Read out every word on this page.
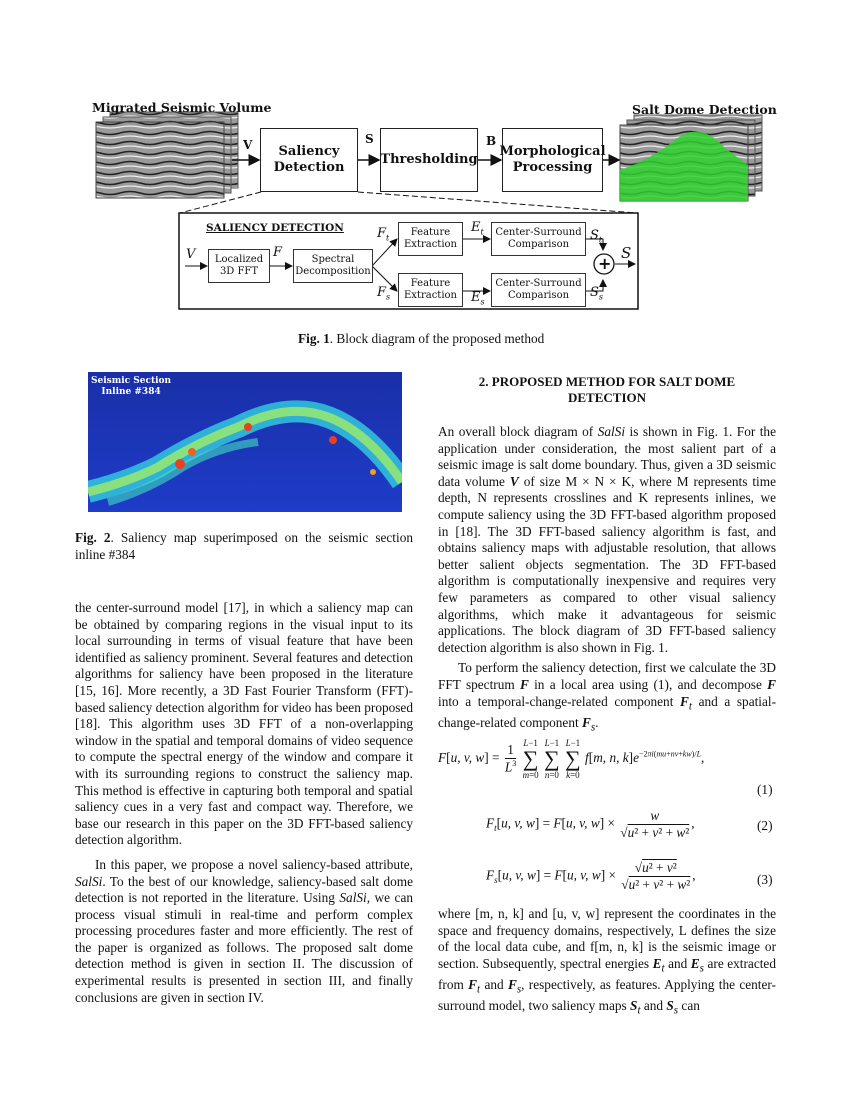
Migrated Seismic Volume	Salt Dome Detection
Saliency
Detection
Thresholding
Morphological
Processing
V	S	B
SALIENCY DETECTION
Localized
3D FFT
Spectral
Decomposition
Feature
Extraction
Feature
Extraction
Center-Surround
Comparison
Center-Surround
Comparison
V	F
$F_t$
$F_s$
$E_t$
$E_s$
$S_t$
$S_s$
S
+
Fig. 1. Block diagram of the proposed method
Seismic Section
Inline #384
Fig. 2. Saliency map superimposed on the seismic section inline #384

the center-surround model [17], in which a saliency map can be obtained by comparing regions in the visual input to its local surrounding in terms of visual feature that have been identified as saliency prominent. Several features and detection algorithms for saliency have been proposed in the literature [15, 16]. More recently, a 3D Fast Fourier Transform (FFT)-based saliency detection algorithm for video has been proposed [18]. This algorithm uses 3D FFT of a non-overlapping window in the spatial and temporal domains of video sequence to compute the spectral energy of the window and compare it with its surrounding regions to construct the saliency map. This method is effective in capturing both temporal and spatial saliency cues in a very fast and compact way. Therefore, we base our research in this paper on the 3D FFT-based saliency detection algorithm.

In this paper, we propose a novel saliency-based attribute, SalSi. To the best of our knowledge, saliency-based salt dome detection is not reported in the literature. Using SalSi, we can process visual stimuli in real-time and perform complex processing procedures faster and more efficiently. The rest of the paper is organized as follows. The proposed salt dome detection method is given in section II. The discussion of experimental results is presented in section III, and finally conclusions are given in section IV.

2. PROPOSED METHOD FOR SALT DOME
DETECTION

An overall block diagram of SalSi is shown in Fig. 1. For the application under consideration, the most salient part of a seismic image is salt dome boundary. Thus, given a 3D seismic data volume V of size M × N × K, where M represents time depth, N represents crosslines and K represents inlines, we compute saliency using the 3D FFT-based algorithm proposed in [18]. The 3D FFT-based saliency algorithm is fast, and obtains saliency maps with adjustable resolution, that allows better salient objects segmentation. The 3D FFT-based algorithm is computationally inexpensive and requires very few parameters as compared to other visual saliency algorithms, which make it advantageous for seismic applications. The block diagram of 3D FFT-based saliency detection algorithm is also shown in Fig. 1.

To perform the saliency detection, first we calculate the 3D FFT spectrum F in a local area using (1), and decompose F into a temporal-change-related component $F_t$ and a spatial-change-related component $F_s$.

F[u, v, $w] = \frac{1}{L^3}$
L−1
∑
m=0

L−1
∑
n=0

L−1
∑
k=0
f[m, n, $k]e^{-2\pi i(mu+nv+kw)/L}$,
(1)
$F_t[u$, v, w] = F[u, v, $w] \times \frac{w}{\text{√u² + v² + w²}}$ ,	(2)
$F_s[u$, v, w] = F[u, v, $w] \times \frac{\text{√u² + v²}}{\text{√u² + v² + w²}}$ ,	(3)

where [m, n, k] and [u, v, w] represent the coordinates in the space and frequency domains, respectively, L defines the size of the local data cube, and f[m, n, k] is the seismic image or section. Subsequently, spectral energies $E_t$ and $E_s$ are extracted from $F_t$ and $F_s$, respectively, as features. Applying the center-surround model, two saliency maps $S_t$ and $S_s$ can
